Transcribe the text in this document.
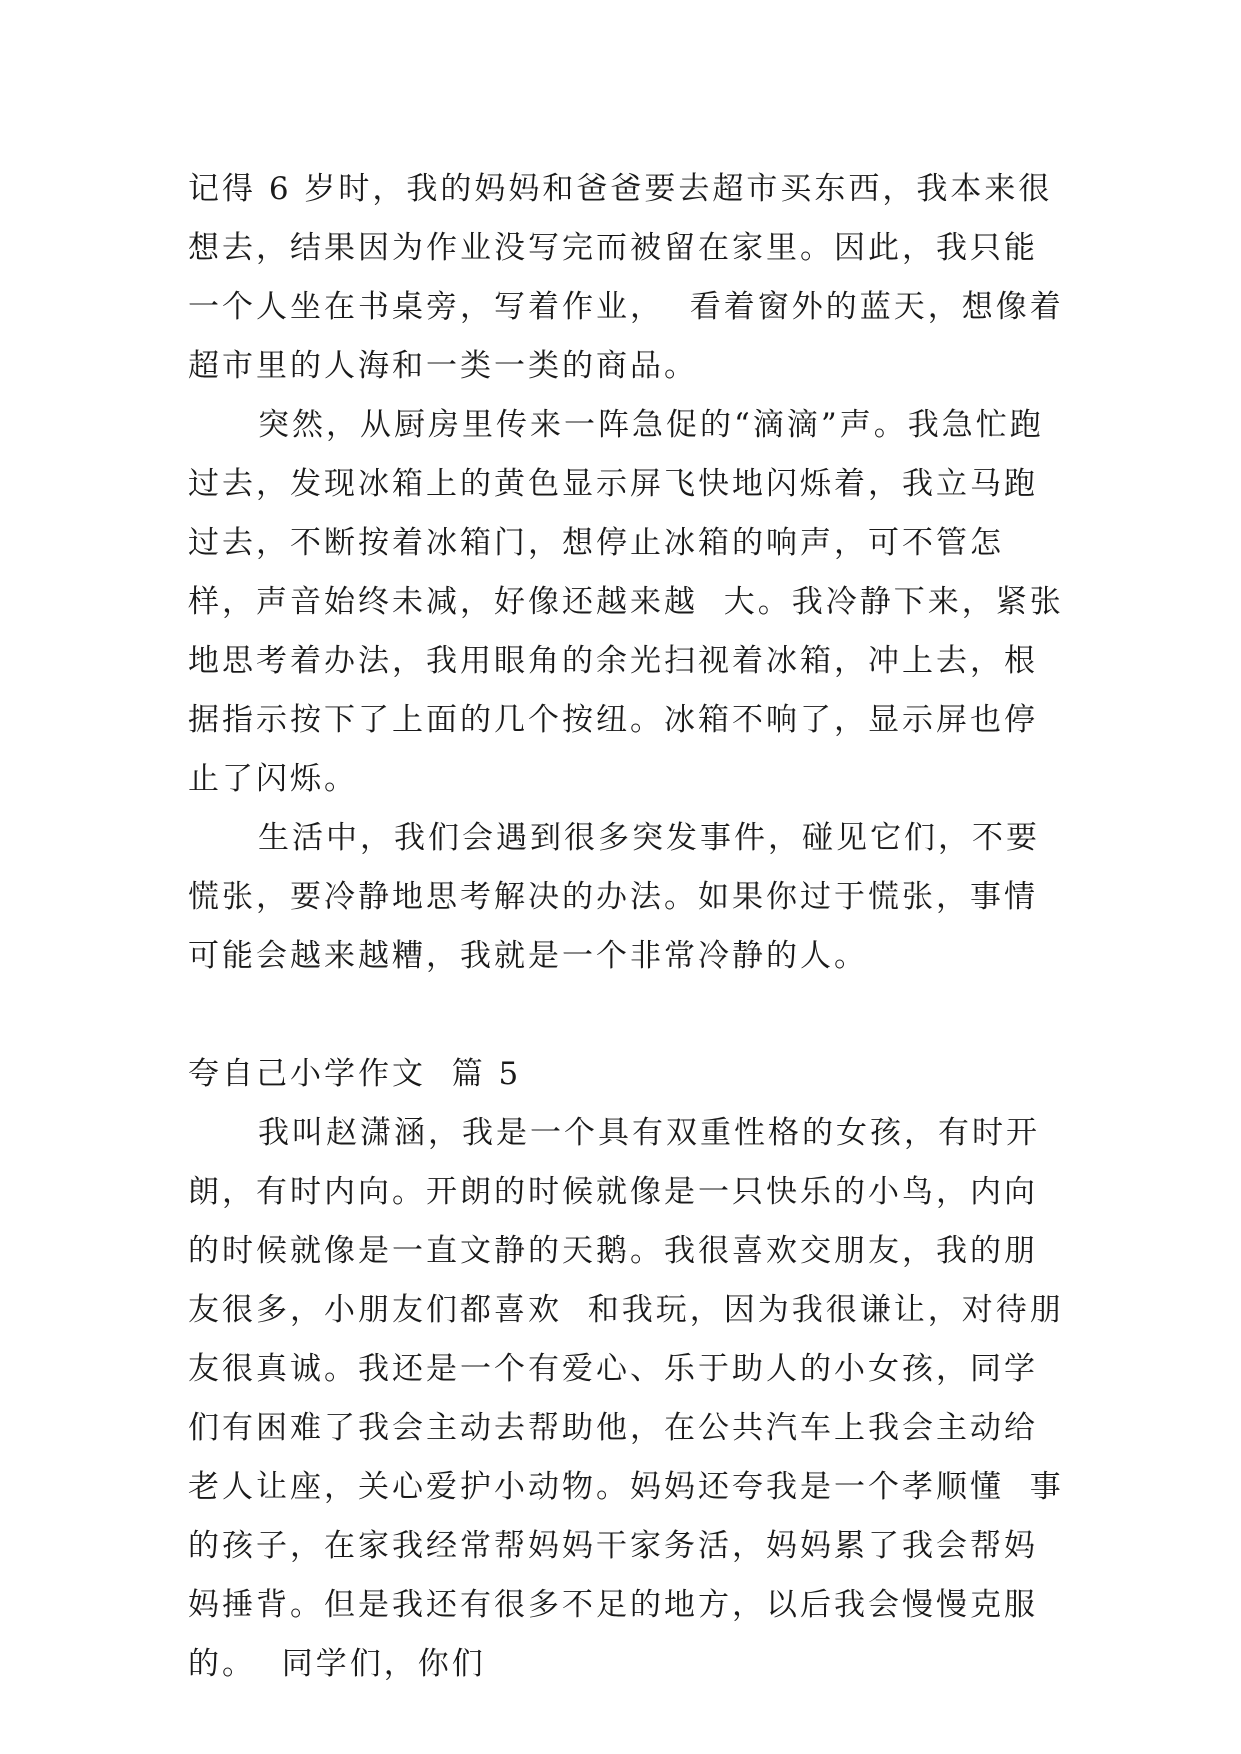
记得 6 岁时，我的妈妈和爸爸要去超市买东西，我本来很想去，结果因为作业没写完而被留在家里。因此，我只能一个人坐在书桌旁，写着作业，  看着窗外的蓝天，想像着超市里的人海和一类一类的商品。

突然，从厨房里传来一阵急促的“滴滴”声。我急忙跑过去，发现冰箱上的黄色显示屏飞快地闪烁着，我立马跑过去，不断按着冰箱门，想停止冰箱的响声，可不管怎样，声音始终未减，好像还越来越  大。我冷静下来，紧张地思考着办法，我用眼角的余光扫视着冰箱，冲上去，根据指示按下了上面的几个按纽。冰箱不响了，显示屏也停止了闪烁。

生活中，我们会遇到很多突发事件，碰见它们，不要慌张，要冷静地思考解决的办法。如果你过于慌张，事情可能会越来越糟，我就是一个非常冷静的人。

夸自己小学作文  篇 5

我叫赵潇涵，我是一个具有双重性格的女孩，有时开朗，有时内向。开朗的时候就像是一只快乐的小鸟，内向的时候就像是一直文静的天鹅。我很喜欢交朋友，我的朋友很多，小朋友们都喜欢  和我玩，因为我很谦让，对待朋友很真诚。我还是一个有爱心、乐于助人的小女孩，同学们有困难了我会主动去帮助他，在公共汽车上我会主动给老人让座，关心爱护小动物。妈妈还夸我是一个孝顺懂  事的孩子，在家我经常帮妈妈干家务活，妈妈累了我会帮妈妈捶背。但是我还有很多不足的地方，以后我会慢慢克服的。  同学们，你们
